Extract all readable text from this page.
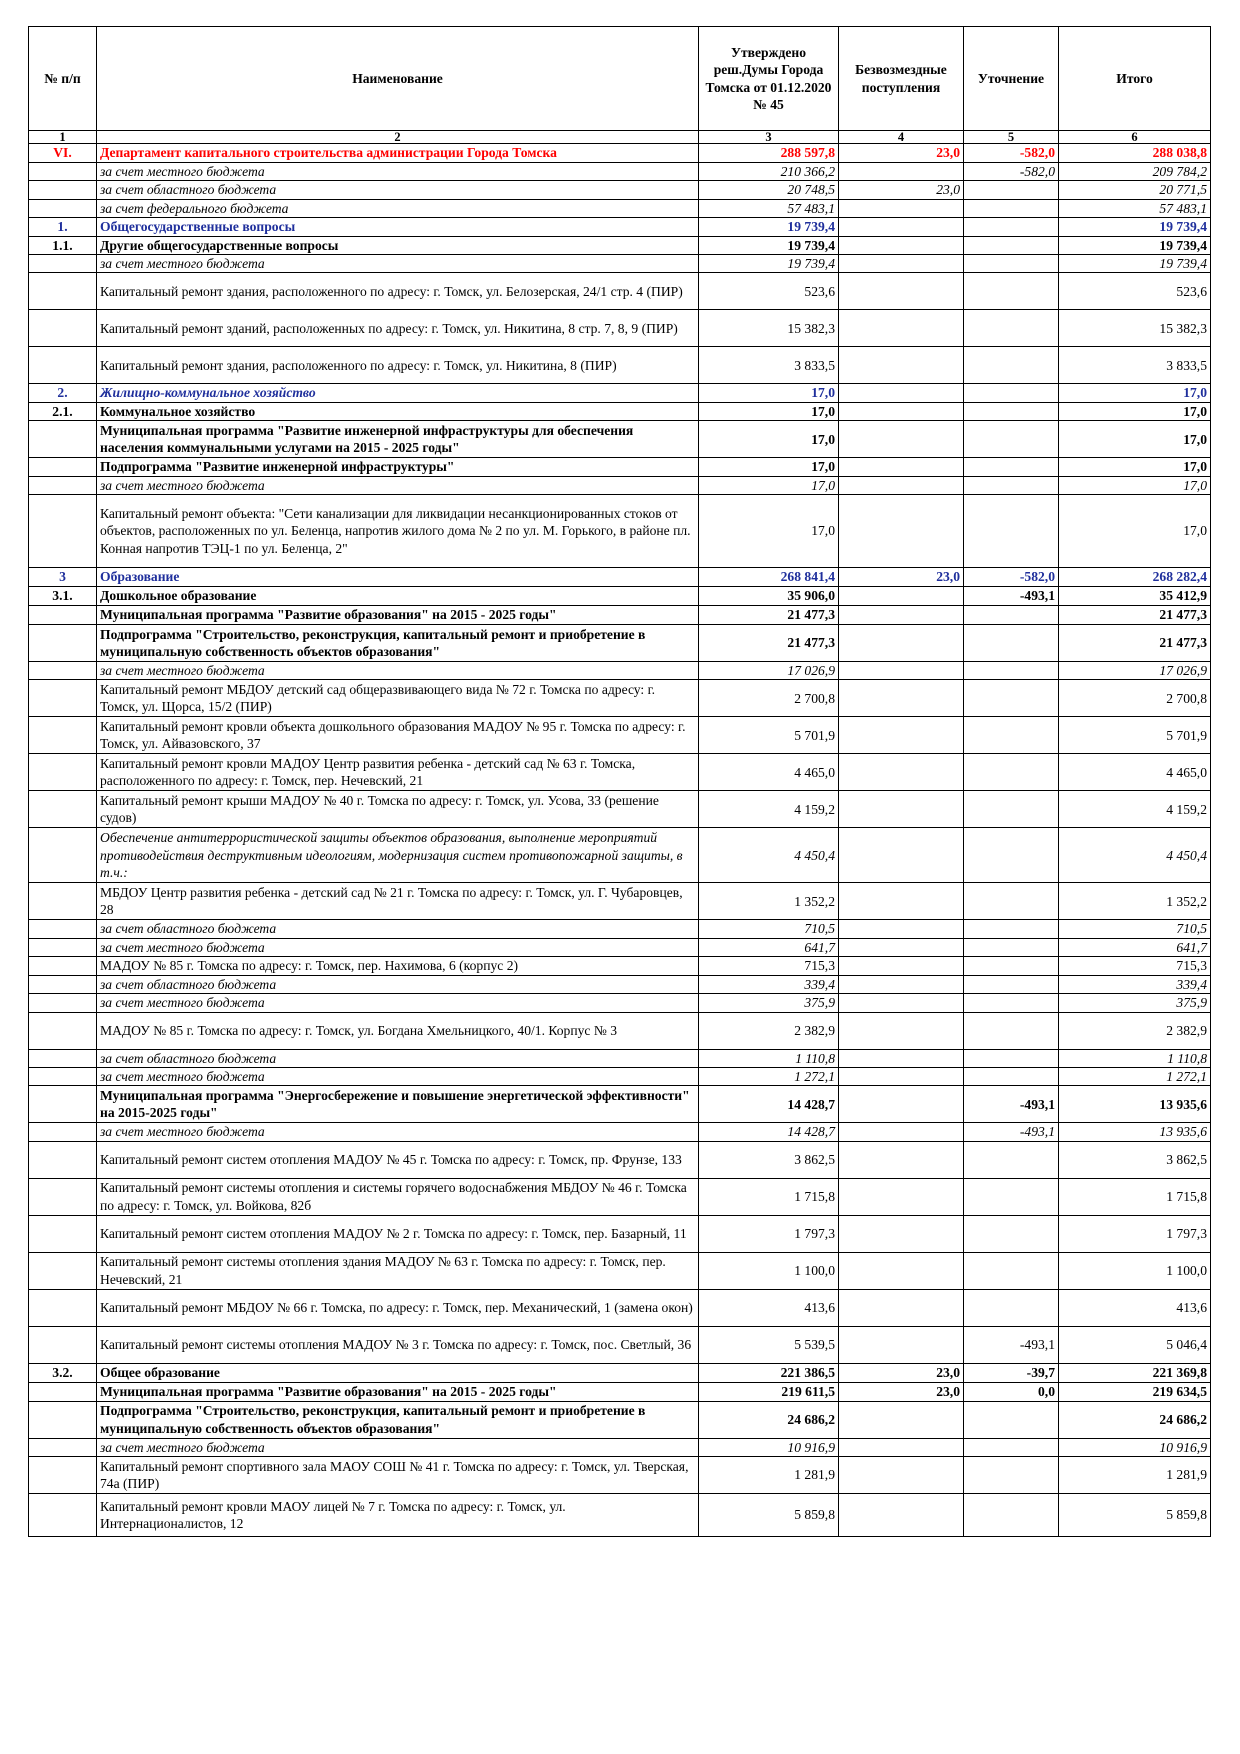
№ п/п	Наименование	Утверждено реш.Думы Города Томска от 01.12.2020 № 45	Безвозмездные поступления	Уточнение	Итого
1	2	3	4	5	6
VI.	Департамент капитального строительства администрации Города Томска	288 597,8	23,0	-582,0	288 038,8
	за счет местного бюджета	210 366,2		-582,0	209 784,2
	за счет областного бюджета	20 748,5	23,0		20 771,5
	за счет федерального бюджета	57 483,1			57 483,1
1.	Общегосударственные вопросы	19 739,4			19 739,4
1.1.	Другие общегосударственные вопросы	19 739,4			19 739,4
	за счет местного бюджета	19 739,4			19 739,4
	Капитальный ремонт здания, расположенного по адресу: г. Томск, ул. Белозерская, 24/1 стр. 4 (ПИР)	523,6			523,6
	Капитальный ремонт зданий, расположенных по адресу: г. Томск, ул. Никитина, 8 стр. 7, 8, 9 (ПИР)	15 382,3			15 382,3
	Капитальный ремонт здания, расположенного по адресу: г. Томск, ул. Никитина, 8 (ПИР)	3 833,5			3 833,5
2.	Жилищно-коммунальное хозяйство	17,0			17,0
2.1.	Коммунальное хозяйство	17,0			17,0
	Муниципальная программа "Развитие инженерной инфраструктуры для обеспечения населения коммунальными услугами на 2015 - 2025 годы"	17,0			17,0
	Подпрограмма "Развитие инженерной инфраструктуры"	17,0			17,0
	за счет местного бюджета	17,0			17,0
	Капитальный ремонт объекта: "Сети канализации для ликвидации несанкционированных стоков от объектов, расположенных по ул. Беленца, напротив жилого дома № 2 по ул. М. Горького, в районе пл. Конная напротив ТЭЦ-1 по ул. Беленца, 2"	17,0			17,0
3	Образование	268 841,4	23,0	-582,0	268 282,4
3.1.	Дошкольное образование	35 906,0		-493,1	35 412,9
	Муниципальная программа "Развитие образования" на 2015 - 2025 годы"	21 477,3			21 477,3
	Подпрограмма "Строительство, реконструкция, капитальный ремонт и приобретение в муниципальную собственность объектов образования"	21 477,3			21 477,3
	за счет местного бюджета	17 026,9			17 026,9
	Капитальный ремонт МБДОУ детский сад общеразвивающего вида № 72 г. Томска по адресу: г. Томск, ул. Щорса, 15/2 (ПИР)	2 700,8			2 700,8
	Капитальный ремонт кровли объекта дошкольного образования МАДОУ № 95 г. Томска по адресу: г. Томск, ул. Айвазовского, 37	5 701,9			5 701,9
	Капитальный ремонт кровли МАДОУ Центр развития ребенка - детский сад № 63 г. Томска, расположенного по адресу: г. Томск, пер. Нечевский, 21	4 465,0			4 465,0
	Капитальный ремонт крыши МАДОУ № 40 г. Томска по адресу: г. Томск, ул. Усова, 33 (решение судов)	4 159,2			4 159,2
	Обеспечение антитеррористической защиты объектов образования, выполнение мероприятий противодействия деструктивным идеологиям, модернизация систем противопожарной защиты, в т.ч.:	4 450,4			4 450,4
	МБДОУ Центр развития ребенка - детский сад № 21 г. Томска по адресу: г. Томск, ул. Г. Чубаровцев, 28	1 352,2			1 352,2
	за счет областного бюджета	710,5			710,5
	за счет местного бюджета	641,7			641,7
	МАДОУ № 85 г. Томска по адресу: г. Томск, пер. Нахимова, 6 (корпус 2)	715,3			715,3
	за счет областного бюджета	339,4			339,4
	за счет местного бюджета	375,9			375,9
	МАДОУ № 85 г. Томска по адресу: г. Томск, ул. Богдана Хмельницкого, 40/1. Корпус № 3	2 382,9			2 382,9
	за счет областного бюджета	1 110,8			1 110,8
	за счет местного бюджета	1 272,1			1 272,1
	Муниципальная программа "Энергосбережение и повышение энергетической эффективности" на 2015-2025 годы"	14 428,7		-493,1	13 935,6
	за счет местного бюджета	14 428,7		-493,1	13 935,6
	Капитальный ремонт систем отопления МАДОУ № 45 г. Томска по адресу: г. Томск, пр. Фрунзе, 133	3 862,5			3 862,5
	Капитальный ремонт системы отопления и системы горячего водоснабжения МБДОУ № 46 г. Томска по адресу: г. Томск, ул. Войкова, 82б	1 715,8			1 715,8
	Капитальный ремонт систем отопления МАДОУ № 2 г. Томска по адресу: г. Томск, пер. Базарный, 11	1 797,3			1 797,3
	Капитальный ремонт системы отопления здания МАДОУ № 63 г. Томска по адресу: г. Томск, пер. Нечевский, 21	1 100,0			1 100,0
	Капитальный ремонт МБДОУ № 66 г. Томска, по адресу: г. Томск, пер. Механический, 1 (замена окон)	413,6			413,6
	Капитальный ремонт системы отопления МАДОУ № 3 г. Томска по адресу: г. Томск, пос. Светлый, 36	5 539,5		-493,1	5 046,4
3.2.	Общее образование	221 386,5	23,0	-39,7	221 369,8
	Муниципальная программа "Развитие образования" на 2015 - 2025 годы"	219 611,5	23,0	0,0	219 634,5
	Подпрограмма "Строительство, реконструкция, капитальный ремонт и приобретение в муниципальную собственность объектов образования"	24 686,2			24 686,2
	за счет местного бюджета	10 916,9			10 916,9
	Капитальный ремонт спортивного зала МАОУ СОШ № 41 г. Томска по адресу: г. Томск, ул. Тверская, 74а (ПИР)	1 281,9			1 281,9
	Капитальный ремонт кровли МАОУ лицей № 7 г. Томска по адресу: г. Томск, ул. Интернационалистов, 12	5 859,8			5 859,8
